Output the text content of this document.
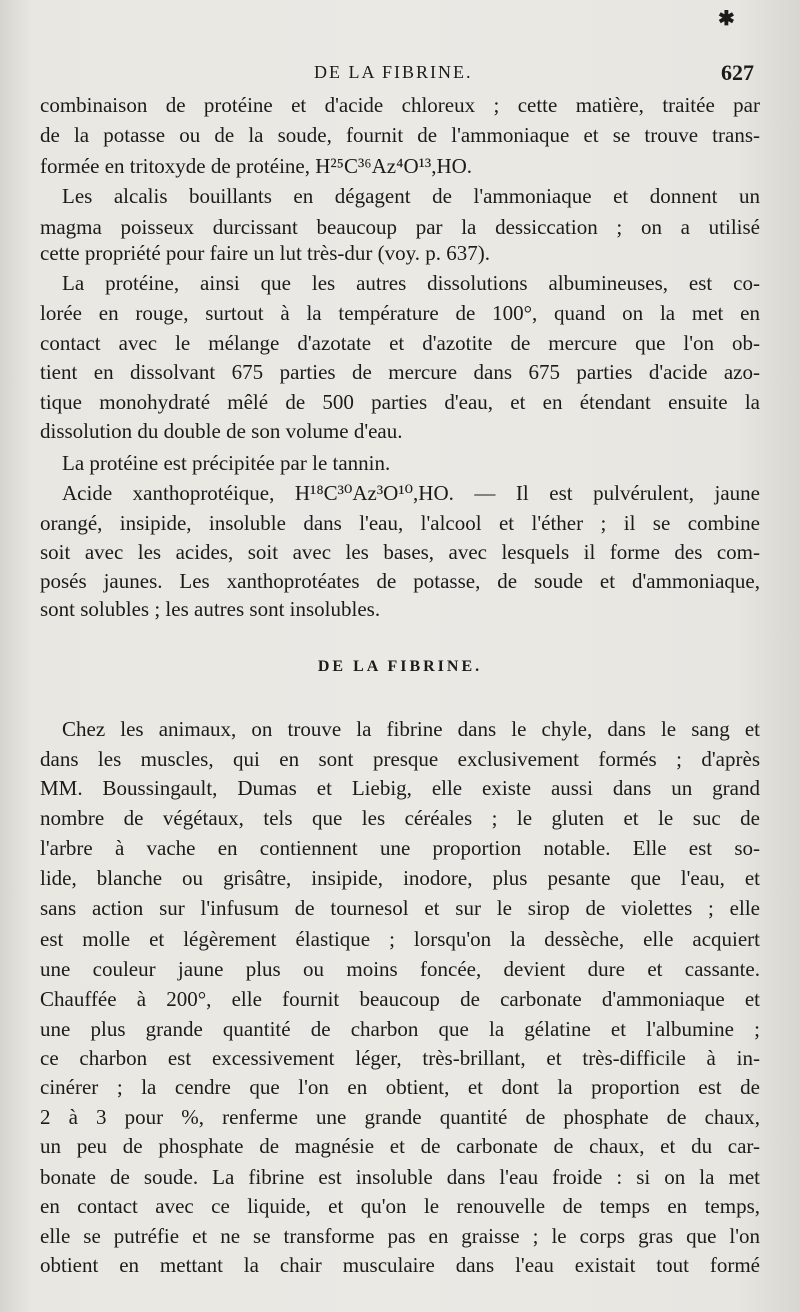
✱
DE LA FIBRINE.	627
combinaison de protéine et d'acide chloreux ; cette matière, traitée par
de la potasse ou de la soude, fournit de l'ammoniaque et se trouve trans-
formée en tritoxyde de protéine, H²⁵C³⁶Az⁴O¹³,HO.
Les alcalis bouillants en dégagent de l'ammoniaque et donnent un
magma poisseux durcissant beaucoup par la dessiccation ; on a utilisé
cette propriété pour faire un lut très-dur (voy. p. 637).
La protéine, ainsi que les autres dissolutions albumineuses, est co-
lorée en rouge, surtout à la température de 100°, quand on la met en
contact avec le mélange d'azotate et d'azotite de mercure que l'on ob-
tient en dissolvant 675 parties de mercure dans 675 parties d'acide azo-
tique monohydraté mêlé de 500 parties d'eau, et en étendant ensuite la
dissolution du double de son volume d'eau.
La protéine est précipitée par le tannin.
Acide xanthoprotéique, H¹⁸C³⁰Az³O¹⁰,HO. — Il est pulvérulent, jaune
orangé, insipide, insoluble dans l'eau, l'alcool et l'éther ; il se combine
soit avec les acides, soit avec les bases, avec lesquels il forme des com-
posés jaunes. Les xanthoprotéates de potasse, de soude et d'ammoniaque,
sont solubles ; les autres sont insolubles.
DE LA FIBRINE.
Chez les animaux, on trouve la fibrine dans le chyle, dans le sang et
dans les muscles, qui en sont presque exclusivement formés ; d'après
MM. Boussingault, Dumas et Liebig, elle existe aussi dans un grand
nombre de végétaux, tels que les céréales ; le gluten et le suc de
l'arbre à vache en contiennent une proportion notable. Elle est so-
lide, blanche ou grisâtre, insipide, inodore, plus pesante que l'eau, et
sans action sur l'infusum de tournesol et sur le sirop de violettes ; elle
est molle et légèrement élastique ; lorsqu'on la dessèche, elle acquiert
une couleur jaune plus ou moins foncée, devient dure et cassante.
Chauffée à 200°, elle fournit beaucoup de carbonate d'ammoniaque et
une plus grande quantité de charbon que la gélatine et l'albumine ;
ce charbon est excessivement léger, très-brillant, et très-difficile à in-
cinérer ; la cendre que l'on en obtient, et dont la proportion est de
2 à 3 pour %, renferme une grande quantité de phosphate de chaux,
un peu de phosphate de magnésie et de carbonate de chaux, et du car-
bonate de soude. La fibrine est insoluble dans l'eau froide : si on la met
en contact avec ce liquide, et qu'on le renouvelle de temps en temps,
elle se putréfie et ne se transforme pas en graisse ; le corps gras que l'on
obtient en mettant la chair musculaire dans l'eau existait tout formé
